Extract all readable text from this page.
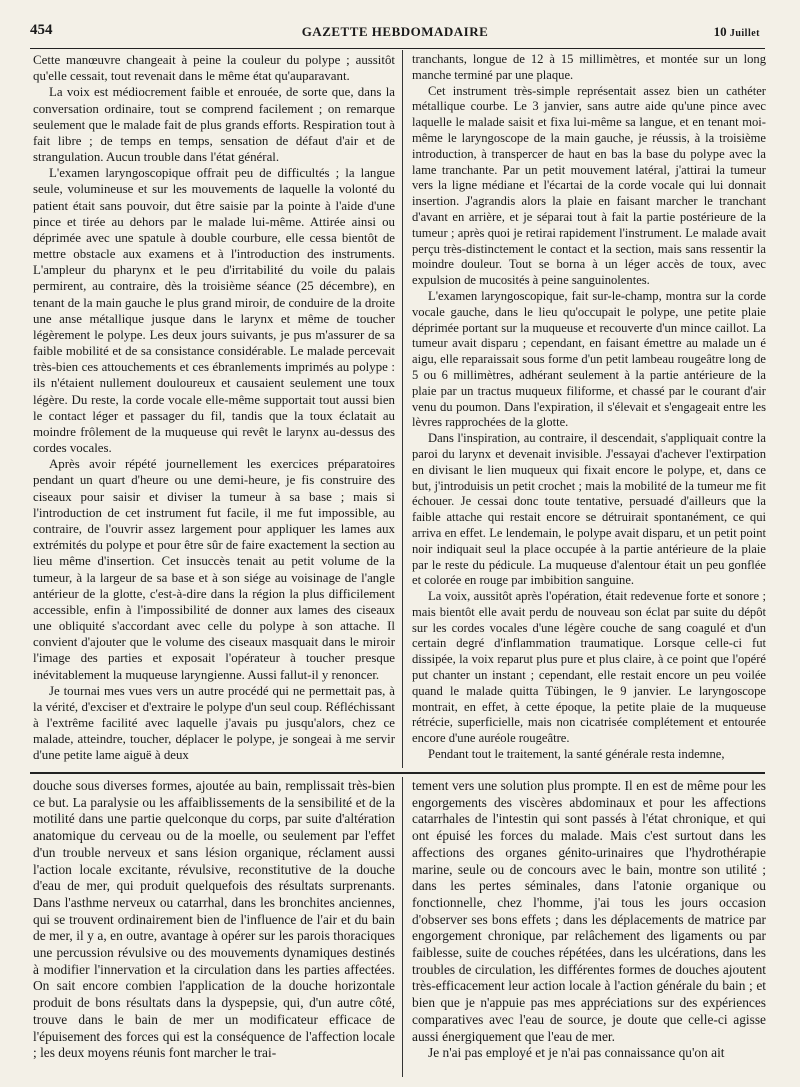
454	GAZETTE HEBDOMADAIRE	10 Juillet

Cette manœuvre changeait à peine la couleur du polype ; aussitôt qu'elle cessait, tout revenait dans le même état qu'auparavant.

La voix est médiocrement faible et enrouée, de sorte que, dans la conversation ordinaire, tout se comprend facilement ; on remarque seulement que le malade fait de plus grands efforts. Respiration tout à fait libre ; de temps en temps, sensation de défaut d'air et de strangulation. Aucun trouble dans l'état général.

L'examen laryngoscopique offrait peu de difficultés ; la langue seule, volumineuse et sur les mouvements de laquelle la volonté du patient était sans pouvoir, dut être saisie par la pointe à l'aide d'une pince et tirée au dehors par le malade lui-même. Attirée ainsi ou déprimée avec une spatule à double courbure, elle cessa bientôt de mettre obstacle aux examens et à l'introduction des instruments. L'ampleur du pharynx et le peu d'irritabilité du voile du palais permirent, au contraire, dès la troisième séance (25 décembre), en tenant de la main gauche le plus grand miroir, de conduire de la droite une anse métallique jusque dans le larynx et même de toucher légèrement le polype. Les deux jours suivants, je pus m'assurer de sa faible mobilité et de sa consistance considérable. Le malade percevait très-bien ces attouchements et ces ébranlements imprimés au polype : ils n'étaient nullement douloureux et causaient seulement une toux légère. Du reste, la corde vocale elle-même supportait tout aussi bien le contact léger et passager du fil, tandis que la toux éclatait au moindre frôlement de la muqueuse qui revêt le larynx au-dessus des cordes vocales.

Après avoir répété journellement les exercices préparatoires pendant un quart d'heure ou une demi-heure, je fis construire des ciseaux pour saisir et diviser la tumeur à sa base ; mais si l'introduction de cet instrument fut facile, il me fut impossible, au contraire, de l'ouvrir assez largement pour appliquer les lames aux extrémités du polype et pour être sûr de faire exactement la section au lieu même d'insertion. Cet insuccès tenait au petit volume de la tumeur, à la largeur de sa base et à son siége au voisinage de l'angle antérieur de la glotte, c'est-à-dire dans la région la plus difficilement accessible, enfin à l'impossibilité de donner aux lames des ciseaux une obliquité s'accordant avec celle du polype à son attache. Il convient d'ajouter que le volume des ciseaux masquait dans le miroir l'image des parties et exposait l'opérateur à toucher presque inévitablement la muqueuse laryngienne. Aussi fallut-il y renoncer.

Je tournai mes vues vers un autre procédé qui ne permettait pas, à la vérité, d'exciser et d'extraire le polype d'un seul coup. Réfléchissant à l'extrême facilité avec laquelle j'avais pu jusqu'alors, chez ce malade, atteindre, toucher, déplacer le polype, je songeai à me servir d'une petite lame aiguë à deux

tranchants, longue de 12 à 15 millimètres, et montée sur un long manche terminé par une plaque.

Cet instrument très-simple représentait assez bien un cathéter métallique courbe. Le 3 janvier, sans autre aide qu'une pince avec laquelle le malade saisit et fixa lui-même sa langue, et en tenant moi-même le laryngoscope de la main gauche, je réussis, à la troisième introduction, à transpercer de haut en bas la base du polype avec la lame tranchante. Par un petit mouvement latéral, j'attirai la tumeur vers la ligne médiane et l'écartai de la corde vocale qui lui donnait insertion. J'agrandis alors la plaie en faisant marcher le tranchant d'avant en arrière, et je séparai tout à fait la partie postérieure de la tumeur ; après quoi je retirai rapidement l'instrument. Le malade avait perçu très-distinctement le contact et la section, mais sans ressentir la moindre douleur. Tout se borna à un léger accès de toux, avec expulsion de mucosités à peine sanguinolentes.

L'examen laryngoscopique, fait sur-le-champ, montra sur la corde vocale gauche, dans le lieu qu'occupait le polype, une petite plaie déprimée portant sur la muqueuse et recouverte d'un mince caillot. La tumeur avait disparu ; cependant, en faisant émettre au malade un é aigu, elle reparaissait sous forme d'un petit lambeau rougeâtre long de 5 ou 6 millimètres, adhérant seulement à la partie antérieure de la plaie par un tractus muqueux filiforme, et chassé par le courant d'air venu du poumon. Dans l'expiration, il s'élevait et s'engageait entre les lèvres rapprochées de la glotte.

Dans l'inspiration, au contraire, il descendait, s'appliquait contre la paroi du larynx et devenait invisible. J'essayai d'achever l'extirpation en divisant le lien muqueux qui fixait encore le polype, et, dans ce but, j'introduisis un petit crochet ; mais la mobilité de la tumeur me fit échouer. Je cessai donc toute tentative, persuadé d'ailleurs que la faible attache qui restait encore se détruirait spontanément, ce qui arriva en effet. Le lendemain, le polype avait disparu, et un petit point noir indiquait seul la place occupée à la partie antérieure de la plaie par le reste du pédicule. La muqueuse d'alentour était un peu gonflée et colorée en rouge par imbibition sanguine.

La voix, aussitôt après l'opération, était redevenue forte et sonore ; mais bientôt elle avait perdu de nouveau son éclat par suite du dépôt sur les cordes vocales d'une légère couche de sang coagulé et d'un certain degré d'inflammation traumatique. Lorsque celle-ci fut dissipée, la voix reparut plus pure et plus claire, à ce point que l'opéré put chanter un instant ; cependant, elle restait encore un peu voilée quand le malade quitta Tübingen, le 9 janvier. Le laryngoscope montrait, en effet, à cette époque, la petite plaie de la muqueuse rétrécie, superficielle, mais non cicatrisée complétement et entourée encore d'une auréole rougeâtre.

Pendant tout le traitement, la santé générale resta indemne,

douche sous diverses formes, ajoutée au bain, remplissait très-bien ce but. La paralysie ou les affaiblissements de la sensibilité et de la motilité dans une partie quelconque du corps, par suite d'altération anatomique du cerveau ou de la moelle, ou seulement par l'effet d'un trouble nerveux et sans lésion organique, réclament aussi l'action locale excitante, révulsive, reconstitutive de la douche d'eau de mer, qui produit quelquefois des résultats surprenants. Dans l'asthme nerveux ou catarrhal, dans les bronchites anciennes, qui se trouvent ordinairement bien de l'influence de l'air et du bain de mer, il y a, en outre, avantage à opérer sur les parois thoraciques une percussion révulsive ou des mouvements dynamiques destinés à modifier l'innervation et la circulation dans les parties affectées. On sait encore combien l'application de la douche horizontale produit de bons résultats dans la dyspepsie, qui, d'un autre côté, trouve dans le bain de mer un modificateur efficace de l'épuisement des forces qui est la conséquence de l'affection locale ; les deux moyens réunis font marcher le trai-

tement vers une solution plus prompte. Il en est de même pour les engorgements des viscères abdominaux et pour les affections catarrhales de l'intestin qui sont passés à l'état chronique, et qui ont épuisé les forces du malade. Mais c'est surtout dans les affections des organes génito-urinaires que l'hydrothérapie marine, seule ou de concours avec le bain, montre son utilité ; dans les pertes séminales, dans l'atonie organique ou fonctionnelle, chez l'homme, j'ai tous les jours occasion d'observer ses bons effets ; dans les déplacements de matrice par engorgement chronique, par relâchement des ligaments ou par faiblesse, suite de couches répétées, dans les ulcérations, dans les troubles de circulation, les différentes formes de douches ajoutent très-efficacement leur action locale à l'action générale du bain ; et bien que je n'appuie pas mes appréciations sur des expériences comparatives avec l'eau de source, je doute que celle-ci agisse aussi énergiquement que l'eau de mer.

Je n'ai pas employé et je n'ai pas connaissance qu'on ait
